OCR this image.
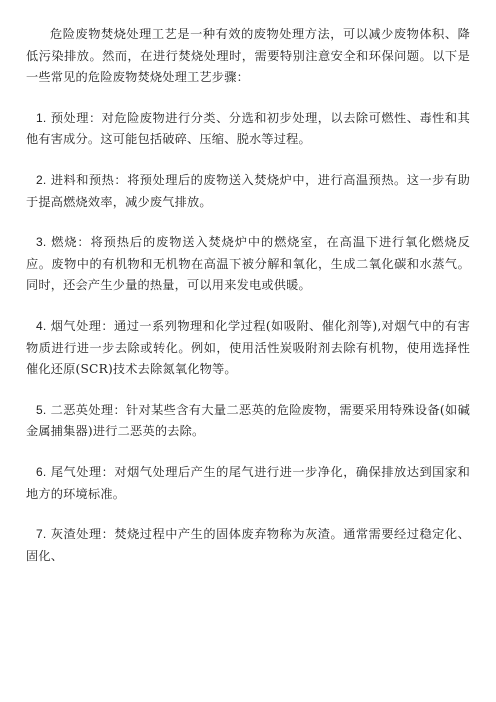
危险废物焚烧处理工艺是一种有效的废物处理方法，可以减少废物体积、降低污染排放。然而，在进行焚烧处理时，需要特别注意安全和环保问题。以下是一些常见的危险废物焚烧处理工艺步骤：

1. 预处理：对危险废物进行分类、分选和初步处理，以去除可燃性、毒性和其他有害成分。这可能包括破碎、压缩、脱水等过程。

2. 进料和预热：将预处理后的废物送入焚烧炉中，进行高温预热。这一步有助于提高燃烧效率，减少废气排放。

3. 燃烧：将预热后的废物送入焚烧炉中的燃烧室，在高温下进行氧化燃烧反应。废物中的有机物和无机物在高温下被分解和氧化，生成二氧化碳和水蒸气。同时，还会产生少量的热量，可以用来发电或供暖。

4. 烟气处理：通过一系列物理和化学过程(如吸附、催化剂等),对烟气中的有害物质进行进一步去除或转化。例如，使用活性炭吸附剂去除有机物，使用选择性催化还原(SCR)技术去除氮氧化物等。

5. 二恶英处理：针对某些含有大量二恶英的危险废物，需要采用特殊设备(如碱金属捕集器)进行二恶英的去除。

6. 尾气处理：对烟气处理后产生的尾气进行进一步净化，确保排放达到国家和地方的环境标准。

7. 灰渣处理：焚烧过程中产生的固体废弃物称为灰渣。通常需要经过稳定化、固化、
